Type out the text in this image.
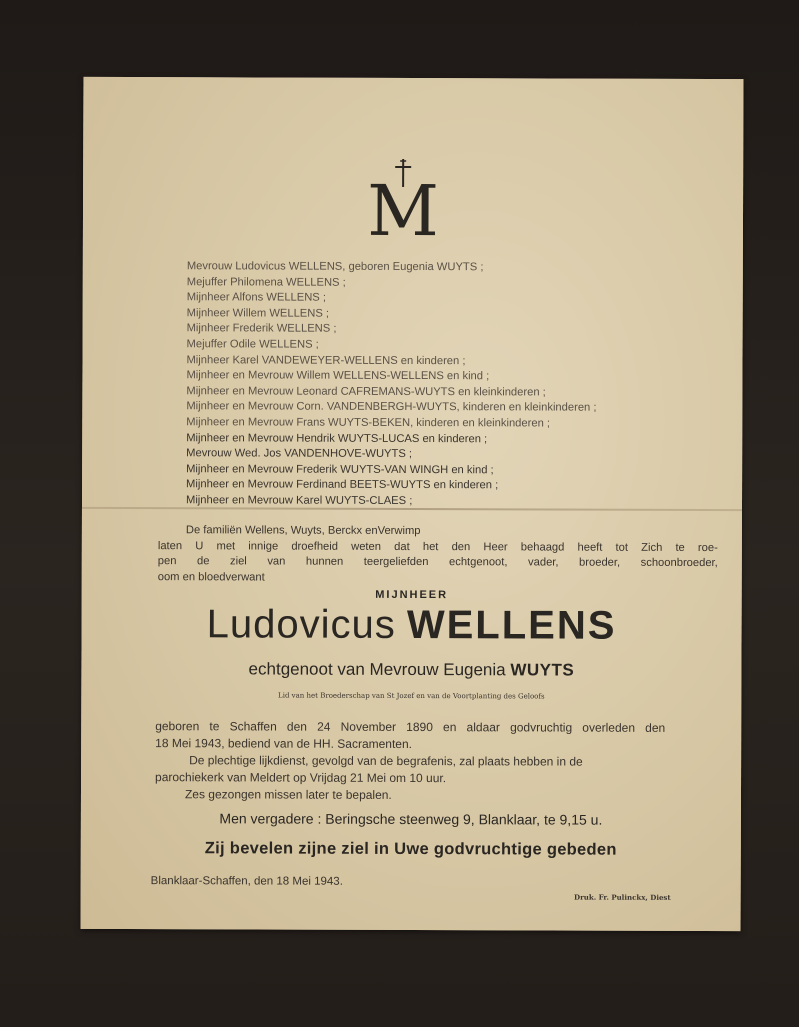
M
Mevrouw Ludovicus WELLENS, geboren Eugenia WUYTS ;
Mejuffer Philomena WELLENS ;
Mijnheer Alfons WELLENS ;
Mijnheer Willem WELLENS ;
Mijnheer Frederik WELLENS ;
Mejuffer Odile WELLENS ;
Mijnheer Karel VANDEWEYER-WELLENS en kinderen ;
Mijnheer en Mevrouw Willem WELLENS-WELLENS en kind ;
Mijnheer en Mevrouw Leonard CAFREMANS-WUYTS en kleinkinderen ;
Mijnheer en Mevrouw Corn. VANDENBERGH-WUYTS, kinderen en kleinkinderen ;
Mijnheer en Mevrouw Frans WUYTS-BEKEN, kinderen en kleinkinderen ;
Mijnheer en Mevrouw Hendrik WUYTS-LUCAS en kinderen ;
Mevrouw Wed. Jos VANDENHOVE-WUYTS ;
Mijnheer en Mevrouw Frederik WUYTS-VAN WINGH en kind ;
Mijnheer en Mevrouw Ferdinand BEETS-WUYTS en kinderen ;
Mijnheer en Mevrouw Karel WUYTS-CLAES ;
De familiën Wellens, Wuyts, Berckx enVerwimp
laten U met innige droefheid weten dat het den Heer behaagd heeft tot Zich te roe-
pen de ziel van hunnen teergeliefden echtgenoot, vader, broeder, schoonbroeder,
oom en bloedverwant
MIJNHEER
Ludovicus WELLENS
echtgenoot van Mevrouw Eugenia WUYTS
Lid van het Broederschap van St Jozef en van de Voortplanting des Geloofs
geboren te Schaffen den 24 November 1890 en aldaar godvruchtig overleden den
18 Mei 1943, bediend van de HH. Sacramenten.
De plechtige lijkdienst, gevolgd van de begrafenis, zal plaats hebben in de
parochiekerk van Meldert op Vrijdag 21 Mei om 10 uur.
Zes gezongen missen later te bepalen.
Men vergadere : Beringsche steenweg 9, Blanklaar, te 9,15 u.
Zij bevelen zijne ziel in Uwe godvruchtige gebeden
Blanklaar-Schaffen, den 18 Mei 1943.
Druk. Fr. Pulinckx, Diest
